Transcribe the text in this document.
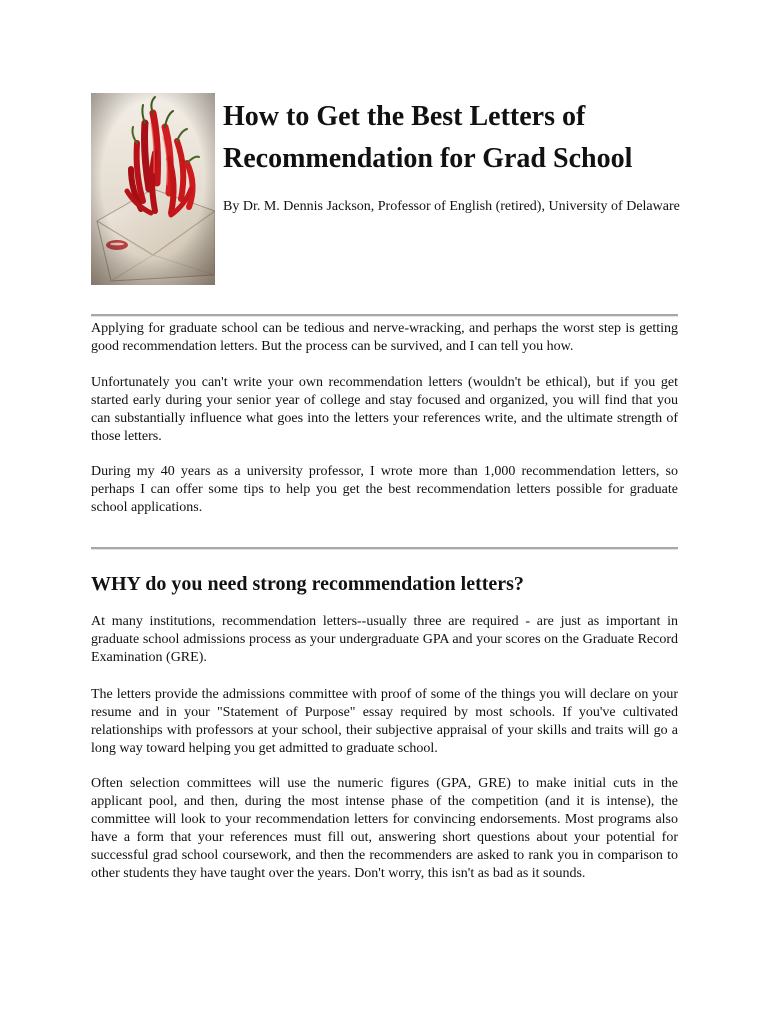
How to Get the Best Letters of Recommendation for Grad School

By Dr. M. Dennis Jackson, Professor of English (retired), University of Delaware

Applying for graduate school can be tedious and nerve-wracking, and perhaps the worst step is getting good recommendation letters. But the process can be survived, and I can tell you how.

Unfortunately you can't write your own recommendation letters (wouldn't be ethical), but if you get started early during your senior year of college and stay focused and organized, you will find that you can substantially influence what goes into the letters your references write, and the ultimate strength of those letters.

During my 40 years as a university professor, I wrote more than 1,000 recommendation letters, so perhaps I can offer some tips to help you get the best recommendation letters possible for graduate school applications.

WHY do you need strong recommendation letters?

At many institutions, recommendation letters--usually three are required - are just as important in graduate school admissions process as your undergraduate GPA and your scores on the Graduate Record Examination (GRE).

The letters provide the admissions committee with proof of some of the things you will declare on your resume and in your "Statement of Purpose" essay required by most schools. If you've cultivated relationships with professors at your school, their subjective appraisal of your skills and traits will go a long way toward helping you get admitted to graduate school.

Often selection committees will use the numeric figures (GPA, GRE) to make initial cuts in the applicant pool, and then, during the most intense phase of the competition (and it is intense), the committee will look to your recommendation letters for convincing endorsements. Most programs also have a form that your references must fill out, answering short questions about your potential for successful grad school coursework, and then the recommenders are asked to rank you in comparison to other students they have taught over the years. Don't worry, this isn't as bad as it sounds.
